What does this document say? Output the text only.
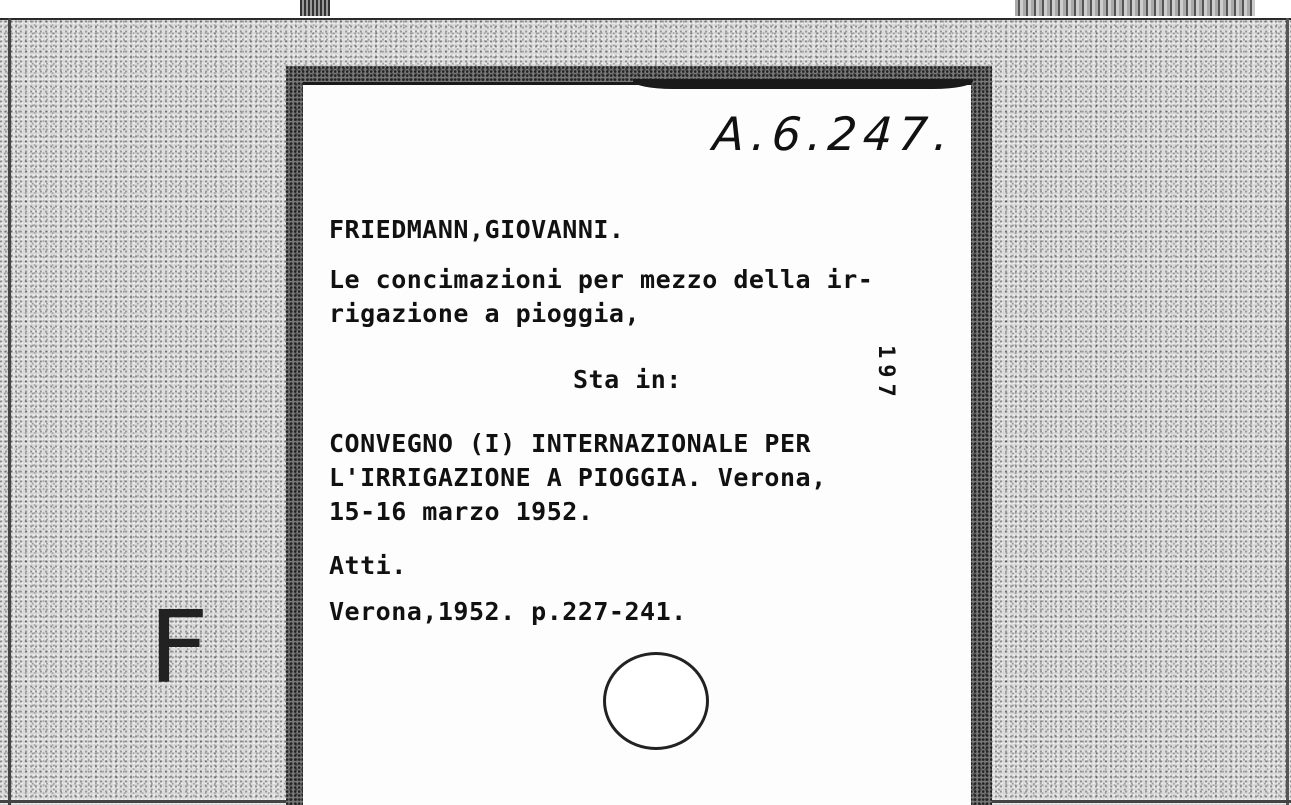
F

A.6.247.

FRIEDMANN,GIOVANNI.

Le concimazioni per mezzo della ir-

rigazione a pioggia,

Sta in:	197

CONVEGNO (I) INTERNAZIONALE PER

L'IRRIGAZIONE A PIOGGIA. Verona,

15-16 marzo 1952.

Atti.

Verona,1952. p.227-241.
